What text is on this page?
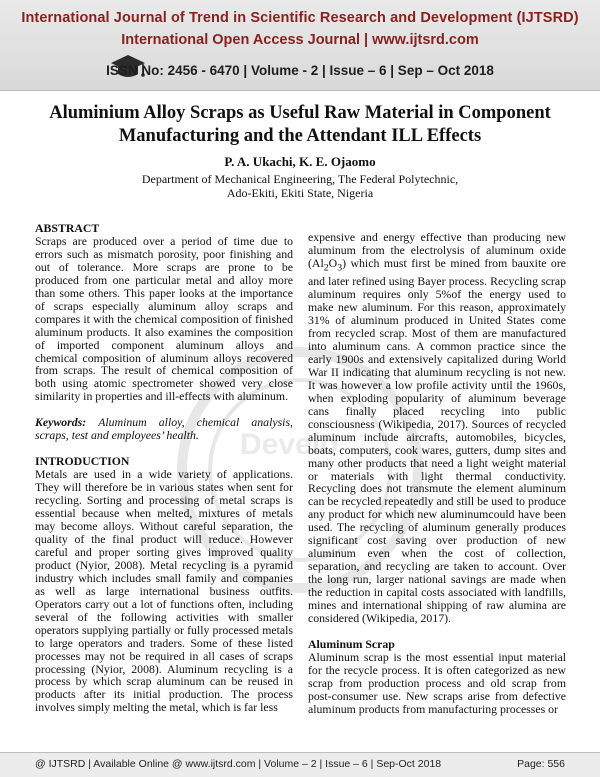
International Journal of Trend in Scientific Research and Development (IJTSRD)
International Open Access Journal | www.ijtsrd.com
ISSN No: 2456 - 6470 | Volume - 2 | Issue – 6 | Sep – Oct 2018
Aluminium Alloy Scraps as Useful Raw Material in Component
Manufacturing and the Attendant ILL Effects
P. A. Ukachi, K. E. Ojaomo
Department of Mechanical Engineering, The Federal Polytechnic,
Ado-Ekiti, Ekiti State, Nigeria
Develo

ABSTRACT

Scraps are produced over a period of time due to errors such as mismatch porosity, poor finishing and out of tolerance. More scraps are prone to be produced from one particular metal and alloy more than some others. This paper looks at the importance of scraps especially aluminum alloy scraps and compares it with the chemical composition of finished aluminum products. It also examines the composition of imported component aluminum alloys and chemical composition of aluminum alloys recovered from scraps. The result of chemical composition of both using atomic spectrometer showed very close similarity in properties and ill-effects with aluminum.

Keywords: Aluminum alloy, chemical analysis, scraps, test and employees’ health.

INTRODUCTION

Metals are used in a wide variety of applications. They will therefore be in various states when sent for recycling. Sorting and processing of metal scraps is essential because when melted, mixtures of metals may become alloys. Without careful separation, the quality of the final product will reduce. However careful and proper sorting gives improved quality product (Nyior, 2008). Metal recycling is a pyramid industry which includes small family and companies as well as large international business outfits. Operators carry out a lot of functions often, including several of the following activities with smaller operators supplying partially or fully processed metals to large operators and traders. Some of these listed processes may not be required in all cases of scraps processing (Nyior, 2008). Aluminum recycling is a process by which scrap aluminum can be reused in products after its initial production. The process involves simply melting the metal, which is far less

expensive and energy effective than producing new aluminum from the electrolysis of aluminum oxide $(Al_2O_3)$ which must first be mined from bauxite ore and later refined using Bayer process. Recycling scrap aluminum requires only 5%of the energy used to make new aluminum. For this reason, approximately 31% of aluminum produced in United States come from recycled scrap. Most of them are manufactured into aluminum cans. A common practice since the early 1900s and extensively capitalized during World War II indicating that aluminum recycling is not new. It was however a low profile activity until the 1960s, when exploding popularity of aluminum beverage cans finally placed recycling into public consciousness (Wikipedia, 2017). Sources of recycled aluminum include aircrafts, automobiles, bicycles, boats, computers, cook wares, gutters, dump sites and many other products that need a light weight material or materials with light thermal conductivity. Recycling does not transmute the element aluminum can be recycled repeatedly and still be used to produce any product for which new aluminumcould have been used. The recycling of aluminum generally produces significant cost saving over production of new aluminum even when the cost of collection, separation, and recycling are taken to account. Over the long run, larger national savings are made when the reduction in capital costs associated with landfills, mines and international shipping of raw alumina are considered (Wikipedia, 2017).

Aluminum Scrap

Aluminum scrap is the most essential input material for the recycle process. It is often categorized as new scrap from production process and old scrap from post-consumer use. New scraps arise from defective aluminum products from manufacturing processes or

@ IJTSRD | Available Online @ www.ijtsrd.com | Volume – 2 | Issue – 6 | Sep-Oct 2018	Page: 556
